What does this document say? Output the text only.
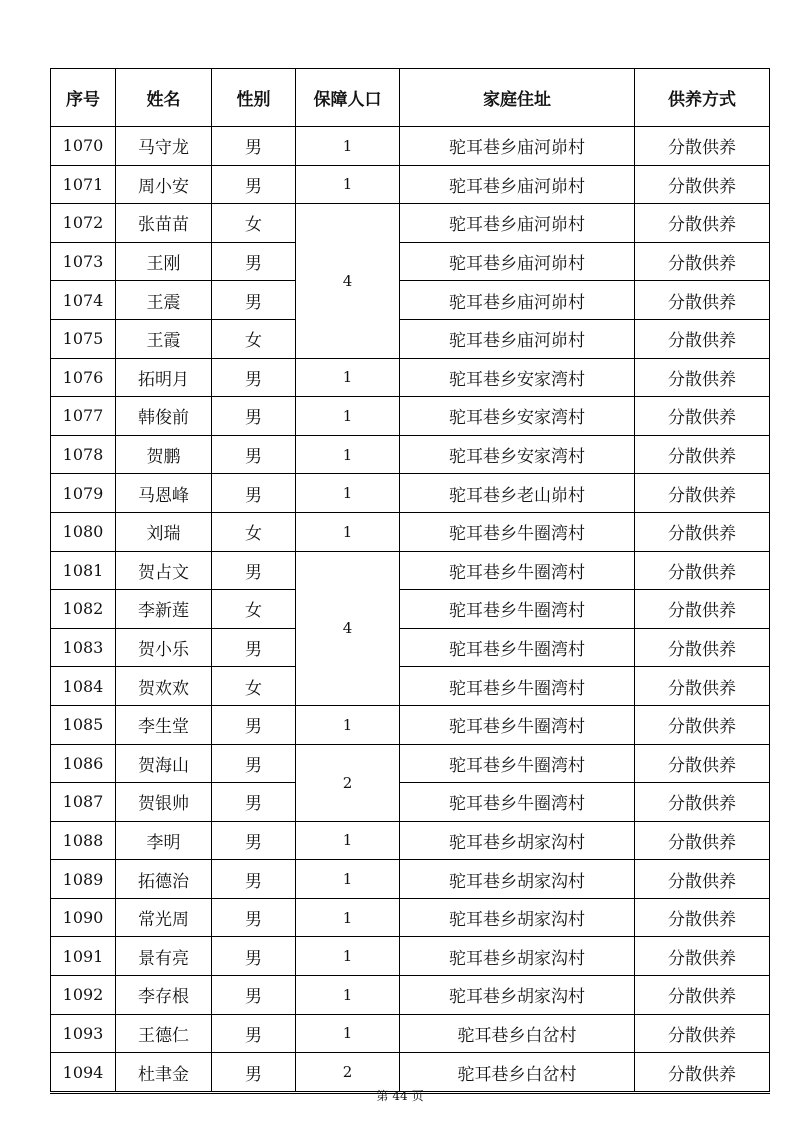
序号	姓名	性别	保障人口	家庭住址	供养方式
1070	马守龙	男	1	驼耳巷乡庙河峁村	分散供养
1071	周小安	男	1	驼耳巷乡庙河峁村	分散供养
1072	张苗苗	女	4	驼耳巷乡庙河峁村	分散供养
1073	王刚	男		驼耳巷乡庙河峁村	分散供养
1074	王震	男		驼耳巷乡庙河峁村	分散供养
1075	王霞	女		驼耳巷乡庙河峁村	分散供养
1076	拓明月	男	1	驼耳巷乡安家湾村	分散供养
1077	韩俊前	男	1	驼耳巷乡安家湾村	分散供养
1078	贺鹏	男	1	驼耳巷乡安家湾村	分散供养
1079	马恩峰	男	1	驼耳巷乡老山峁村	分散供养
1080	刘瑞	女	1	驼耳巷乡牛圈湾村	分散供养
1081	贺占文	男	4	驼耳巷乡牛圈湾村	分散供养
1082	李新莲	女		驼耳巷乡牛圈湾村	分散供养
1083	贺小乐	男		驼耳巷乡牛圈湾村	分散供养
1084	贺欢欢	女		驼耳巷乡牛圈湾村	分散供养
1085	李生堂	男	1	驼耳巷乡牛圈湾村	分散供养
1086	贺海山	男	2	驼耳巷乡牛圈湾村	分散供养
1087	贺银帅	男		驼耳巷乡牛圈湾村	分散供养
1088	李明	男	1	驼耳巷乡胡家沟村	分散供养
1089	拓德治	男	1	驼耳巷乡胡家沟村	分散供养
1090	常光周	男	1	驼耳巷乡胡家沟村	分散供养
1091	景有亮	男	1	驼耳巷乡胡家沟村	分散供养
1092	李存根	男	1	驼耳巷乡胡家沟村	分散供养
1093	王德仁	男	1	驼耳巷乡白岔村	分散供养
1094	杜聿金	男	2	驼耳巷乡白岔村	分散供养
第 44 页
